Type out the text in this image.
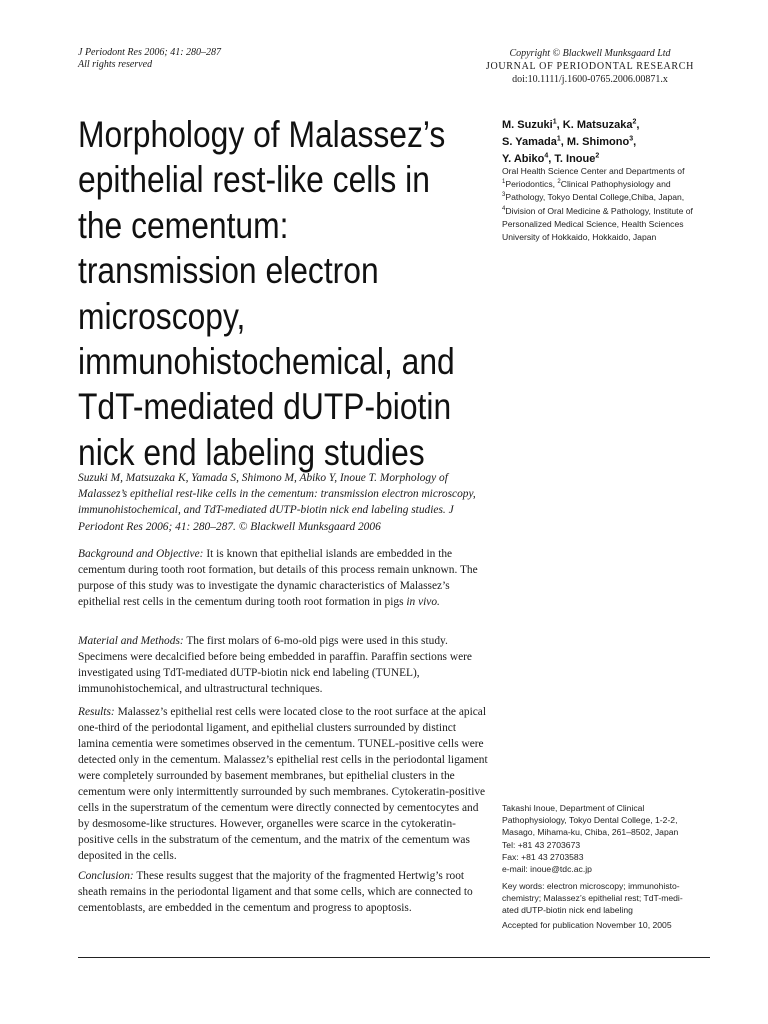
J Periodont Res 2006; 41: 280–287
All rights reserved
Copyright © Blackwell Munksgaard Ltd
JOURNAL OF PERIODONTAL RESEARCH
doi:10.1111/j.1600-0765.2006.00871.x
Morphology of Malassez’s
epithelial rest-like cells in
the cementum:
transmission electron
microscopy,
immunohistochemical, and
TdT-mediated dUTP-biotin
nick end labeling studies
M. Suzuki$^1$, K. Matsuzaka$^2$,
S. Yamada$^1$, M. Shimono$^3$,
Y. Abiko$^4$, T. Inoue$^2$
Oral Health Science Center and Departments of
$^1$Periodontics, $^2$Clinical Pathophysiology and
$^3$Pathology, Tokyo Dental College,Chiba, Japan,
$^4$Division of Oral Medicine & Pathology, Institute of Personalized Medical Science, Health Sciences University of Hokkaido, Hokkaido, Japan
Suzuki M, Matsuzaka K, Yamada S, Shimono M, Abiko Y, Inoue T. Morphology of Malassez’s epithelial rest-like cells in the cementum: transmission electron microscopy, immunohistochemical, and TdT-mediated dUTP-biotin nick end labeling studies. J Periodont Res 2006; 41: 280–287. © Blackwell Munksgaard 2006
Background and Objective: It is known that epithelial islands are embedded in the cementum during tooth root formation, but details of this process remain unknown. The purpose of this study was to investigate the dynamic characteristics of Malassez’s epithelial rest cells in the cementum during tooth root formation in pigs in vivo.
Material and Methods: The first molars of 6-mo-old pigs were used in this study. Specimens were decalcified before being embedded in paraffin. Paraffin sections were investigated using TdT-mediated dUTP-biotin nick end labeling (TUNEL), immunohistochemical, and ultrastructural techniques.
Results: Malassez’s epithelial rest cells were located close to the root surface at the apical one-third of the periodontal ligament, and epithelial clusters surrounded by distinct lamina cementia were sometimes observed in the cementum. TUNEL-positive cells were detected only in the cementum. Malassez’s epithelial rest cells in the periodontal ligament were completely surrounded by basement membranes, but epithelial clusters in the cementum were only intermittently surrounded by such membranes. Cytokeratin-positive cells in the superstratum of the cementum were directly connected by cementocytes and by desmosome-like structures. However, organelles were scarce in the cytokeratin-positive cells in the substratum of the cementum, and the matrix of the cementum was deposited in the cells.
Conclusion: These results suggest that the majority of the fragmented Hertwig’s root sheath remains in the periodontal ligament and that some cells, which are connected to cementoblasts, are embedded in the cementum and progress to apoptosis.
Takashi Inoue, Department of Clinical
Pathophysiology, Tokyo Dental College, 1-2-2,
Masago, Mihama-ku, Chiba, 261–8502, Japan
Tel: +81 43 2703673
Fax: +81 43 2703583
e-mail: inoue@tdc.ac.jp
Key words: electron microscopy; immunohisto-
chemistry; Malassez’s epithelial rest; TdT-medi-
ated dUTP-biotin nick end labeling
Accepted for publication November 10, 2005
